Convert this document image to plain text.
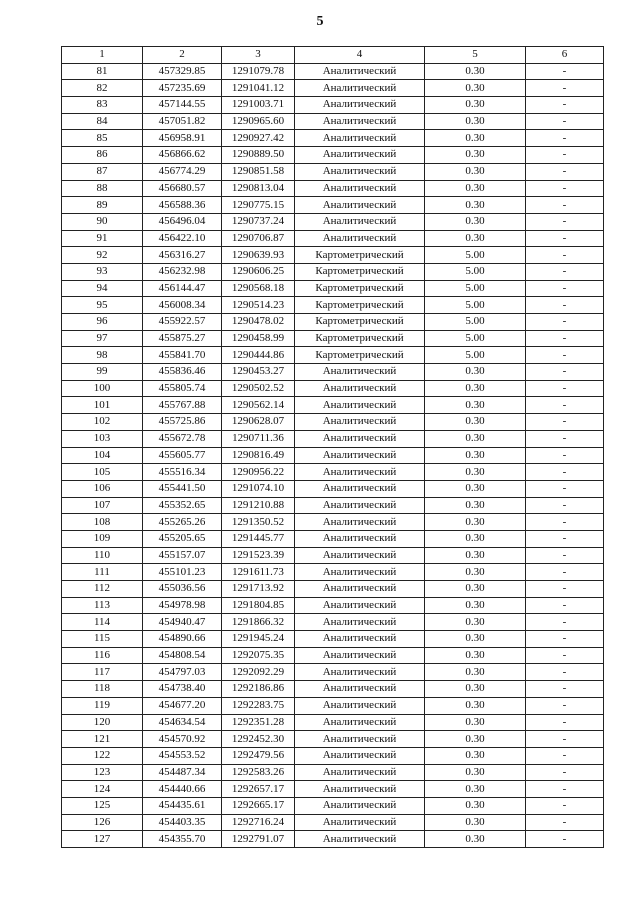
5
1	2	3	4	5	6
81	457329.85	1291079.78	Аналитический	0.30	-
82	457235.69	1291041.12	Аналитический	0.30	-
83	457144.55	1291003.71	Аналитический	0.30	-
84	457051.82	1290965.60	Аналитический	0.30	-
85	456958.91	1290927.42	Аналитический	0.30	-
86	456866.62	1290889.50	Аналитический	0.30	-
87	456774.29	1290851.58	Аналитический	0.30	-
88	456680.57	1290813.04	Аналитический	0.30	-
89	456588.36	1290775.15	Аналитический	0.30	-
90	456496.04	1290737.24	Аналитический	0.30	-
91	456422.10	1290706.87	Аналитический	0.30	-
92	456316.27	1290639.93	Картометрический	5.00	-
93	456232.98	1290606.25	Картометрический	5.00	-
94	456144.47	1290568.18	Картометрический	5.00	-
95	456008.34	1290514.23	Картометрический	5.00	-
96	455922.57	1290478.02	Картометрический	5.00	-
97	455875.27	1290458.99	Картометрический	5.00	-
98	455841.70	1290444.86	Картометрический	5.00	-
99	455836.46	1290453.27	Аналитический	0.30	-
100	455805.74	1290502.52	Аналитический	0.30	-
101	455767.88	1290562.14	Аналитический	0.30	-
102	455725.86	1290628.07	Аналитический	0.30	-
103	455672.78	1290711.36	Аналитический	0.30	-
104	455605.77	1290816.49	Аналитический	0.30	-
105	455516.34	1290956.22	Аналитический	0.30	-
106	455441.50	1291074.10	Аналитический	0.30	-
107	455352.65	1291210.88	Аналитический	0.30	-
108	455265.26	1291350.52	Аналитический	0.30	-
109	455205.65	1291445.77	Аналитический	0.30	-
110	455157.07	1291523.39	Аналитический	0.30	-
111	455101.23	1291611.73	Аналитический	0.30	-
112	455036.56	1291713.92	Аналитический	0.30	-
113	454978.98	1291804.85	Аналитический	0.30	-
114	454940.47	1291866.32	Аналитический	0.30	-
115	454890.66	1291945.24	Аналитический	0.30	-
116	454808.54	1292075.35	Аналитический	0.30	-
117	454797.03	1292092.29	Аналитический	0.30	-
118	454738.40	1292186.86	Аналитический	0.30	-
119	454677.20	1292283.75	Аналитический	0.30	-
120	454634.54	1292351.28	Аналитический	0.30	-
121	454570.92	1292452.30	Аналитический	0.30	-
122	454553.52	1292479.56	Аналитический	0.30	-
123	454487.34	1292583.26	Аналитический	0.30	-
124	454440.66	1292657.17	Аналитический	0.30	-
125	454435.61	1292665.17	Аналитический	0.30	-
126	454403.35	1292716.24	Аналитический	0.30	-
127	454355.70	1292791.07	Аналитический	0.30	-
